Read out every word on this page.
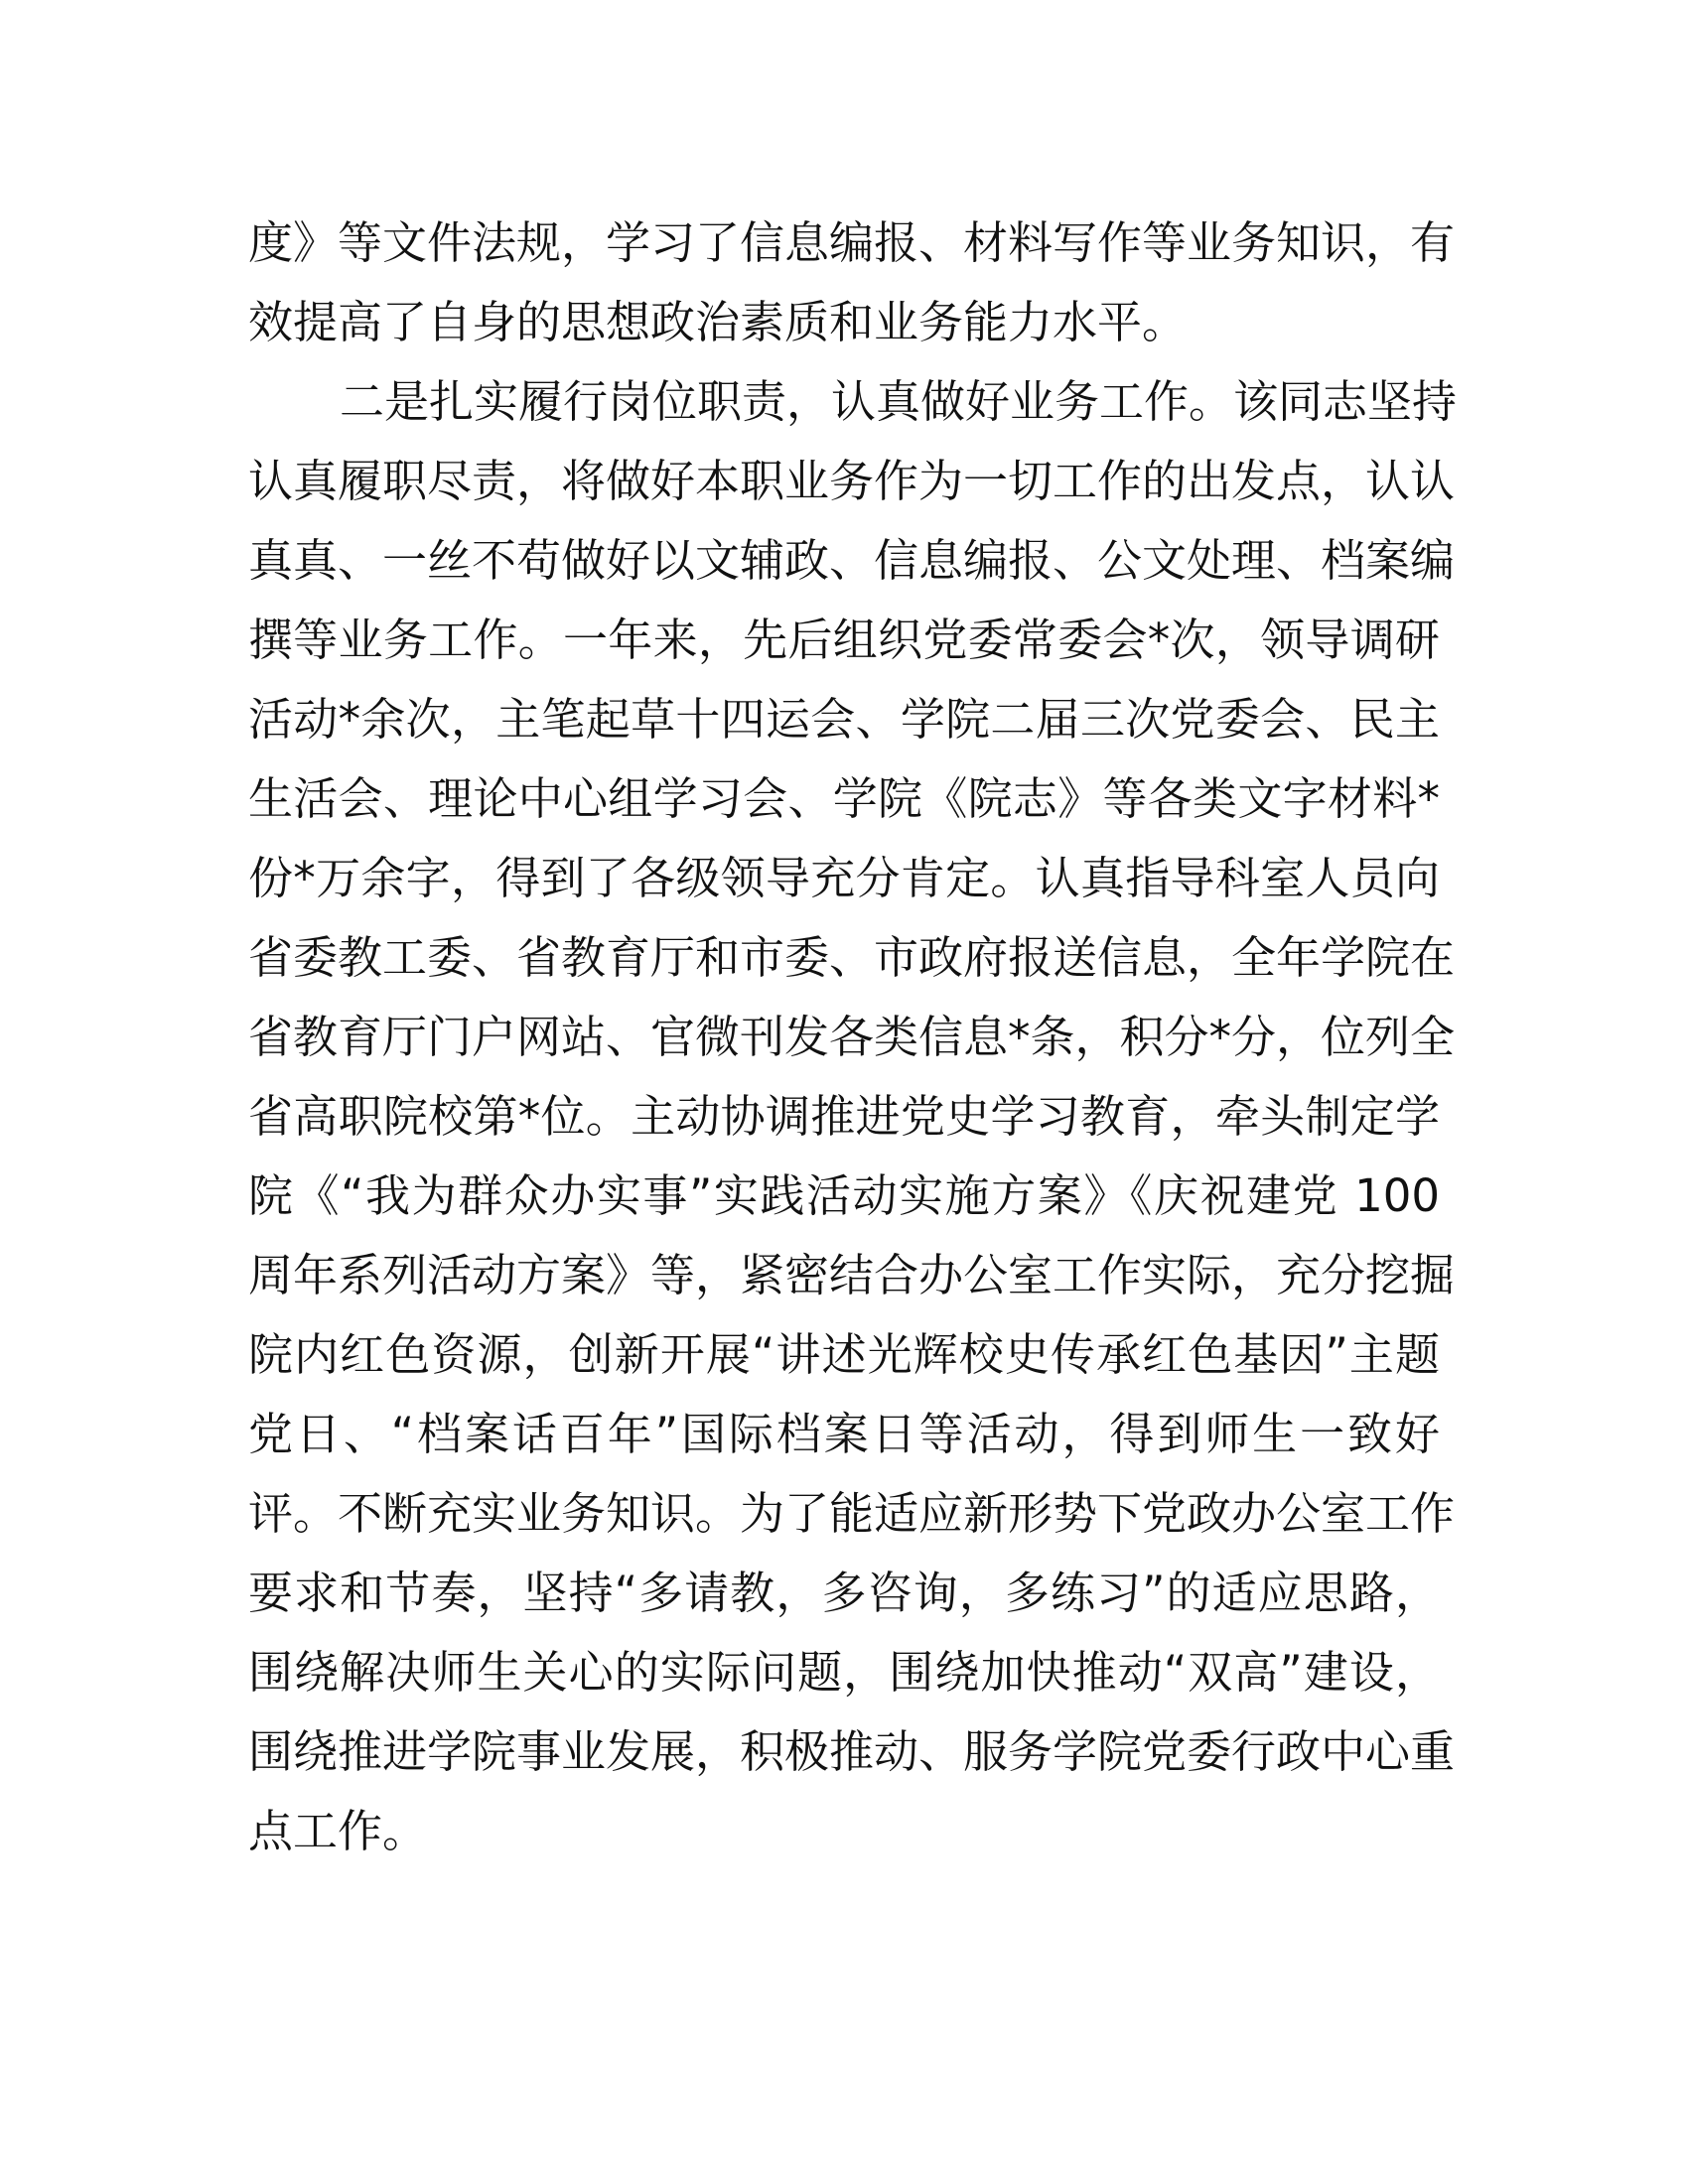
度》等文件法规，学习了信息编报、材料写作等业务知识，有
效提高了自身的思想政治素质和业务能力水平。
二是扎实履行岗位职责，认真做好业务工作。该同志坚持
认真履职尽责，将做好本职业务作为一切工作的出发点，认认
真真、一丝不苟做好以文辅政、信息编报、公文处理、档案编
撰等业务工作。一年来，先后组织党委常委会*次，领导调研
活动*余次，主笔起草十四运会、学院二届三次党委会、民主
生活会、理论中心组学习会、学院《院志》等各类文字材料*
份*万余字，得到了各级领导充分肯定。认真指导科室人员向
省委教工委、省教育厅和市委、市政府报送信息，全年学院在
省教育厅门户网站、官微刊发各类信息*条，积分*分，位列全
省高职院校第*位。主动协调推进党史学习教育，牵头制定学
院《“我为群众办实事”实践活动实施方案》《庆祝建党 100
周年系列活动方案》等，紧密结合办公室工作实际，充分挖掘
院内红色资源，创新开展“讲述光辉校史传承红色基因”主题
党日、“档案话百年”国际档案日等活动，得到师生一致好
评。不断充实业务知识。为了能适应新形势下党政办公室工作
要求和节奏，坚持“多请教，多咨询，多练习”的适应思路，
围绕解决师生关心的实际问题，围绕加快推动“双高”建设，
围绕推进学院事业发展，积极推动、服务学院党委行政中心重
点工作。
